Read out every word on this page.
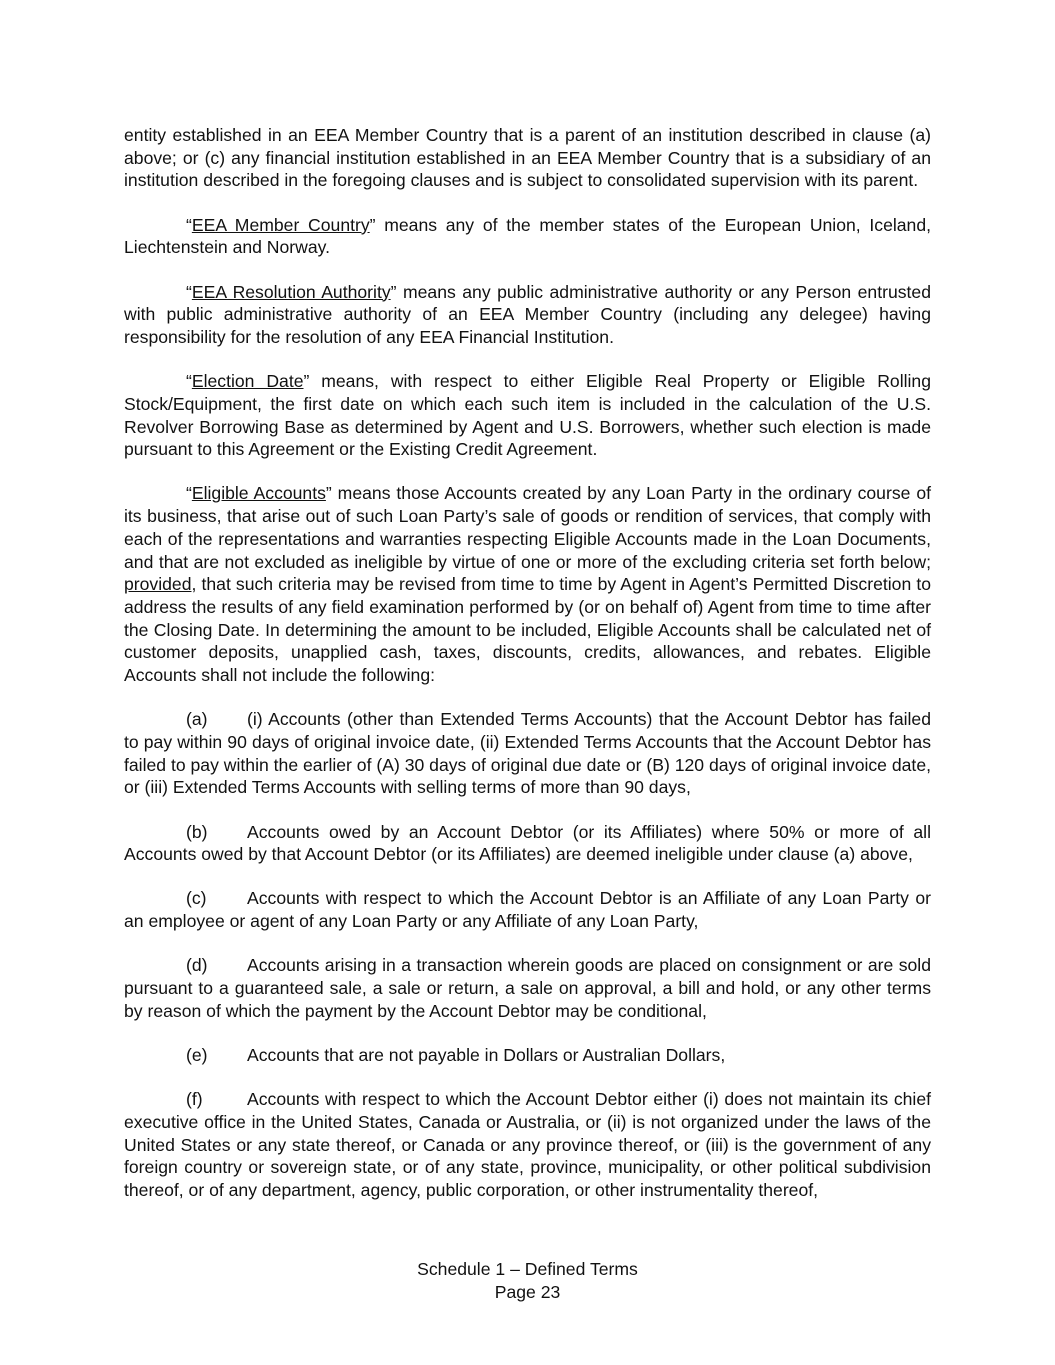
entity established in an EEA Member Country that is a parent of an institution described in clause (a) above; or (c) any financial institution established in an EEA Member Country that is a subsidiary of an institution described in the foregoing clauses and is subject to consolidated supervision with its parent.

“EEA Member Country” means any of the member states of the European Union, Iceland, Liechtenstein and Norway.

“EEA Resolution Authority” means any public administrative authority or any Person entrusted with public administrative authority of an EEA Member Country (including any delegee) having responsibility for the resolution of any EEA Financial Institution.

“Election Date” means, with respect to either Eligible Real Property or Eligible Rolling Stock/Equipment, the first date on which each such item is included in the calculation of the U.S. Revolver Borrowing Base as determined by Agent and U.S. Borrowers, whether such election is made pursuant to this Agreement or the Existing Credit Agreement.

“Eligible Accounts” means those Accounts created by any Loan Party in the ordinary course of its business, that arise out of such Loan Party’s sale of goods or rendition of services, that comply with each of the representations and warranties respecting Eligible Accounts made in the Loan Documents, and that are not excluded as ineligible by virtue of one or more of the excluding criteria set forth below; provided, that such criteria may be revised from time to time by Agent in Agent’s Permitted Discretion to address the results of any field examination performed by (or on behalf of) Agent from time to time after the Closing Date. In determining the amount to be included, Eligible Accounts shall be calculated net of customer deposits, unapplied cash, taxes, discounts, credits, allowances, and rebates. Eligible Accounts shall not include the following:

(a) (i) Accounts (other than Extended Terms Accounts) that the Account Debtor has failed to pay within 90 days of original invoice date, (ii) Extended Terms Accounts that the Account Debtor has failed to pay within the earlier of (A) 30 days of original due date or (B) 120 days of original invoice date, or (iii) Extended Terms Accounts with selling terms of more than 90 days,

(b) Accounts owed by an Account Debtor (or its Affiliates) where 50% or more of all Accounts owed by that Account Debtor (or its Affiliates) are deemed ineligible under clause (a) above,

(c) Accounts with respect to which the Account Debtor is an Affiliate of any Loan Party or an employee or agent of any Loan Party or any Affiliate of any Loan Party,

(d) Accounts arising in a transaction wherein goods are placed on consignment or are sold pursuant to a guaranteed sale, a sale or return, a sale on approval, a bill and hold, or any other terms by reason of which the payment by the Account Debtor may be conditional,

(e) Accounts that are not payable in Dollars or Australian Dollars,

(f)	Accounts with respect to which the Account Debtor either (i) does not maintain its chief executive office in the United States, Canada or Australia, or (ii) is not organized under the laws of the United States or any state thereof, or Canada or any province thereof, or (iii) is the government of any foreign country or sovereign state, or of any state, province, municipality, or other political subdivision thereof, or of any department, agency, public corporation, or other instrumentality thereof,

Schedule 1 – Defined Terms
Page 23
